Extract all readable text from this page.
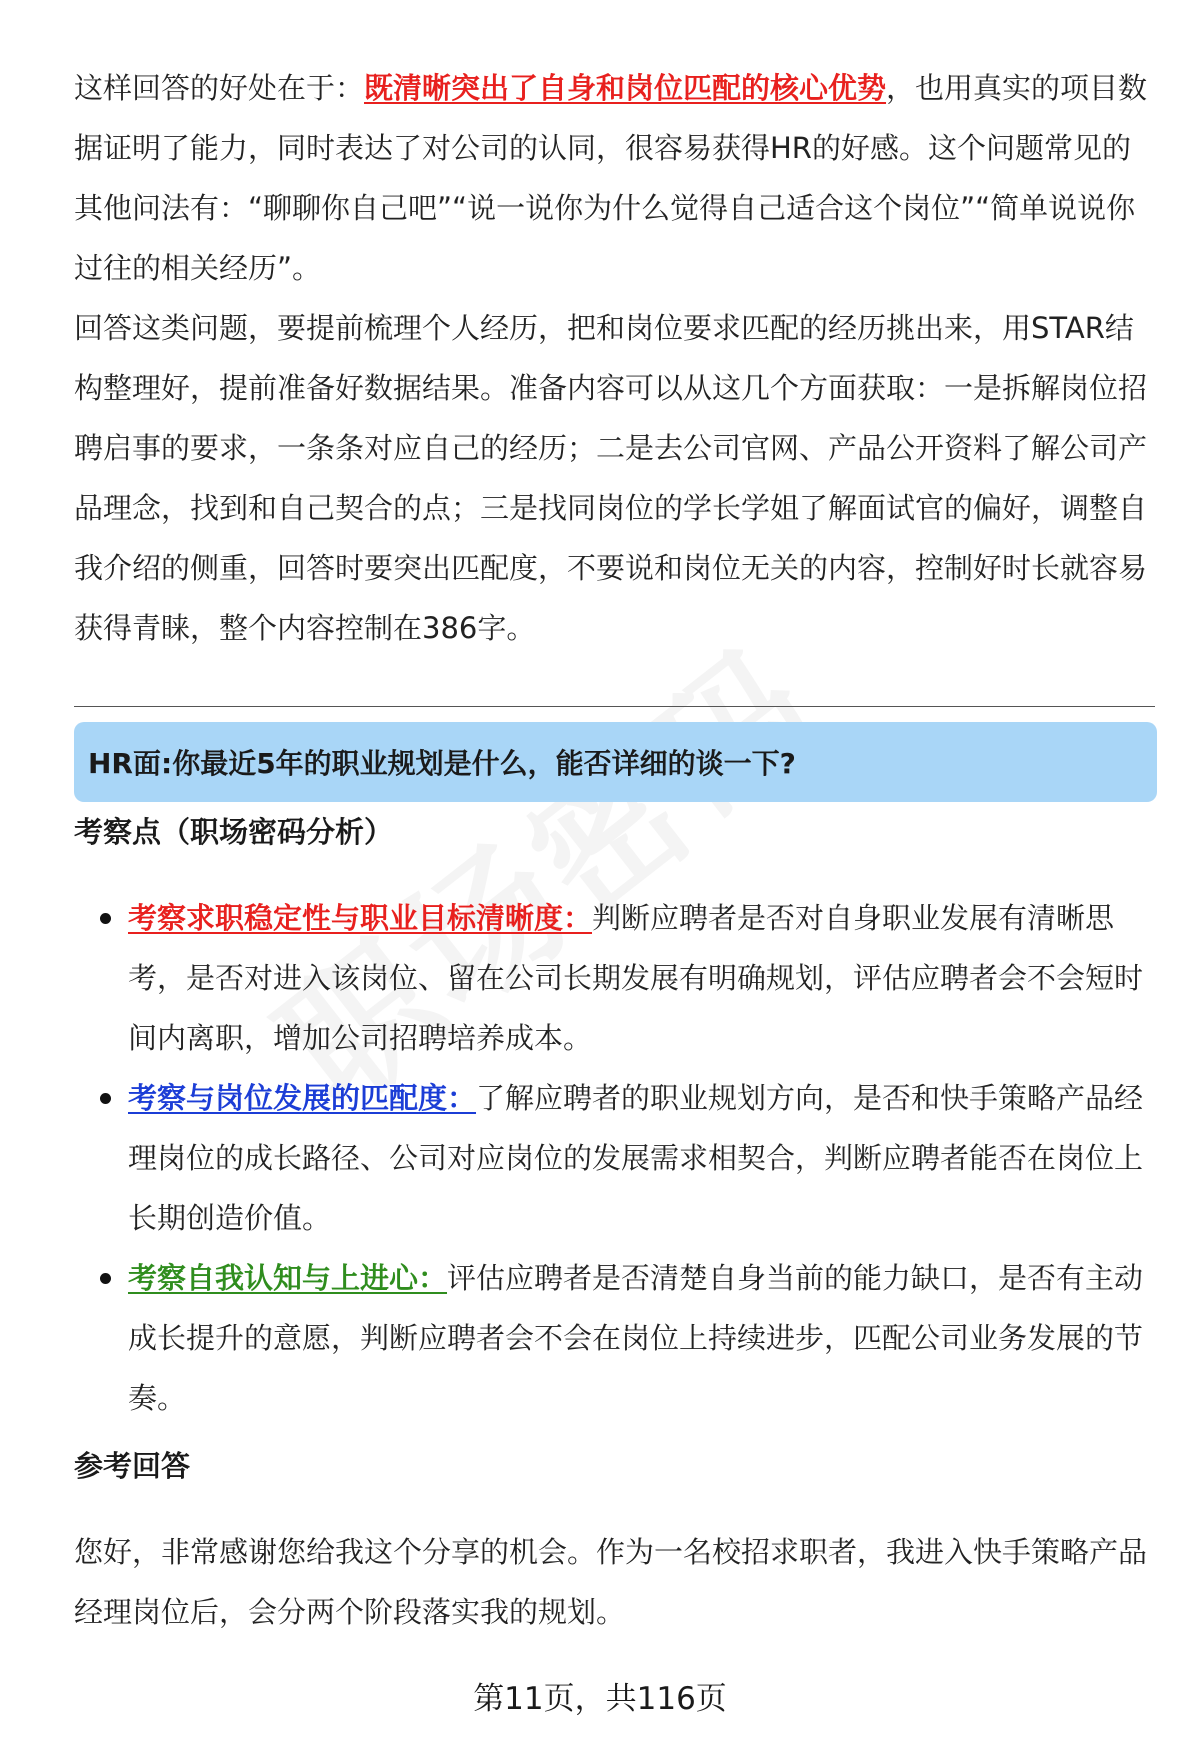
这样回答的好处在于：既清晰突出了自身和岗位匹配的核心优势，也用真实的项目数据证明了能力，同时表达了对公司的认同，很容易获得HR的好感。这个问题常见的其他问法有：“聊聊你自己吧”“说一说你为什么觉得自己适合这个岗位”“简单说说你过往的相关经历”。

回答这类问题，要提前梳理个人经历，把和岗位要求匹配的经历挑出来，用STAR结构整理好，提前准备好数据结果。准备内容可以从这几个方面获取：一是拆解岗位招聘启事的要求，一条条对应自己的经历；二是去公司官网、产品公开资料了解公司产品理念，找到和自己契合的点；三是找同岗位的学长学姐了解面试官的偏好，调整自我介绍的侧重，回答时要突出匹配度，不要说和岗位无关的内容，控制好时长就容易获得青睐，整个内容控制在386字。

HR面:你最近5年的职业规划是什么，能否详细的谈一下?

考察点（职场密码分析）

考察求职稳定性与职业目标清晰度：判断应聘者是否对自身职业发展有清晰思考，是否对进入该岗位、留在公司长期发展有明确规划，评估应聘者会不会短时间内离职，增加公司招聘培养成本。
考察与岗位发展的匹配度：了解应聘者的职业规划方向，是否和快手策略产品经理岗位的成长路径、公司对应岗位的发展需求相契合，判断应聘者能否在岗位上长期创造价值。
考察自我认知与上进心：评估应聘者是否清楚自身当前的能力缺口，是否有主动成长提升的意愿，判断应聘者会不会在岗位上持续进步，匹配公司业务发展的节奏。

参考回答

您好，非常感谢您给我这个分享的机会。作为一名校招求职者，我进入快手策略产品经理岗位后，会分两个阶段落实我的规划。

第11页，共116页
